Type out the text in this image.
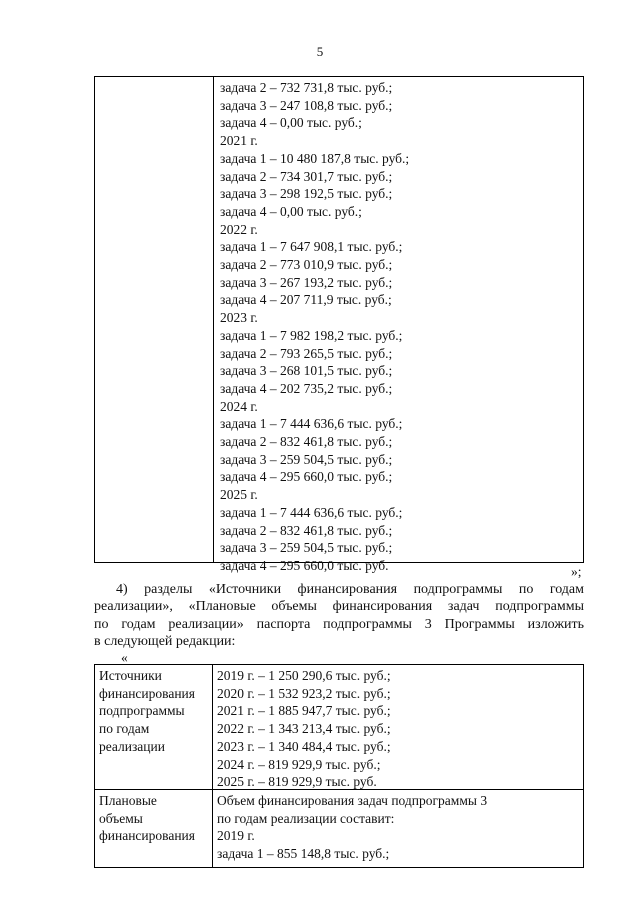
5
задача 2 – 732 731,8 тыс. руб.;
задача 3 – 247 108,8 тыс. руб.;
задача 4 – 0,00 тыс. руб.;
2021 г.
задача 1 – 10 480 187,8 тыс. руб.;
задача 2 – 734 301,7 тыс. руб.;
задача 3 – 298 192,5 тыс. руб.;
задача 4 – 0,00 тыс. руб.;
2022 г.
задача 1 – 7 647 908,1 тыс. руб.;
задача 2 – 773 010,9 тыс. руб.;
задача 3 – 267 193,2 тыс. руб.;
задача 4 – 207 711,9 тыс. руб.;
2023 г.
задача 1 – 7 982 198,2 тыс. руб.;
задача 2 – 793 265,5 тыс. руб.;
задача 3 – 268 101,5 тыс. руб.;
задача 4 – 202 735,2 тыс. руб.;
2024 г.
задача 1 – 7 444 636,6 тыс. руб.;
задача 2 – 832 461,8 тыс. руб.;
задача 3 – 259 504,5 тыс. руб.;
задача 4 – 295 660,0 тыс. руб.;
2025 г.
задача 1 – 7 444 636,6 тыс. руб.;
задача 2 – 832 461,8 тыс. руб.;
задача 3 – 259 504,5 тыс. руб.;
задача 4 – 295 660,0 тыс. руб.	»;
4) разделы «Источники финансирования подпрограммы по годам
реализации», «Плановые объемы финансирования задач подпрограммы
по годам реализации» паспорта подпрограммы 3 Программы изложить
в следующей редакции:
«
Источники
финансирования
подпрограммы
по годам
реализации
2019 г. – 1 250 290,6 тыс. руб.;
2020 г. – 1 532 923,2 тыс. руб.;
2021 г. – 1 885 947,7 тыс. руб.;
2022 г. – 1 343 213,4 тыс. руб.;
2023 г. – 1 340 484,4 тыс. руб.;
2024 г. – 819 929,9 тыс. руб.;
2025 г. – 819 929,9 тыс. руб.
Плановые
объемы
финансирования
Объем финансирования задач подпрограммы 3
по годам реализации составит:
2019 г.
задача 1 – 855 148,8 тыс. руб.;
